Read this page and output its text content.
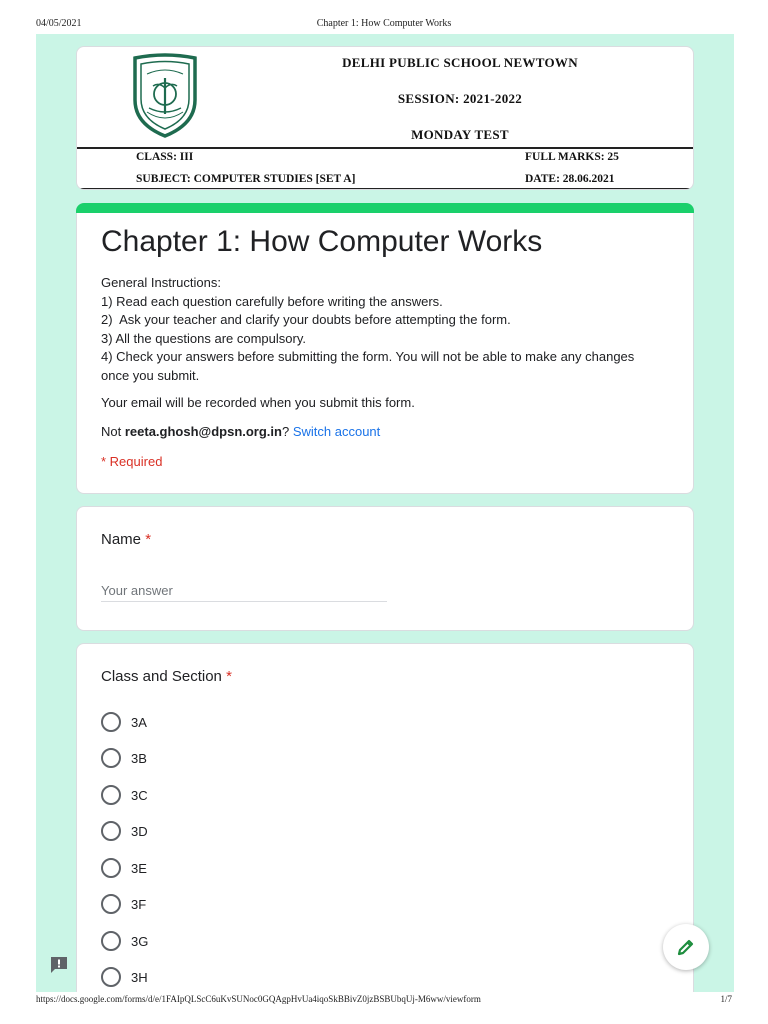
04/05/2021	Chapter 1: How Computer Works
DELHI PUBLIC SCHOOL NEWTOWN
SESSION: 2021-2022
MONDAY TEST
CLASS: III	FULL MARKS: 25
SUBJECT: COMPUTER STUDIES [SET A]	DATE: 28.06.2021
Chapter 1: How Computer Works
General Instructions:
1) Read each question carefully before writing the answers.
2)  Ask your teacher and clarify your doubts before attempting the form.
3) All the questions are compulsory.
4) Check your answers before submitting the form. You will not be able to make any changes once you submit.
Your email will be recorded when you submit this form.
Not reeta.ghosh@dpsn.org.in? Switch account
* Required
Name *
Your answer
Class and Section *
3A
3B
3C
3D
3E
3F
3G
3H
https://docs.google.com/forms/d/e/1FAIpQLScC6uKvSUNoc0GQAgpHvUa4iqoSkBBivZ0jzBSBUbqUj-M6ww/viewform	1/7
